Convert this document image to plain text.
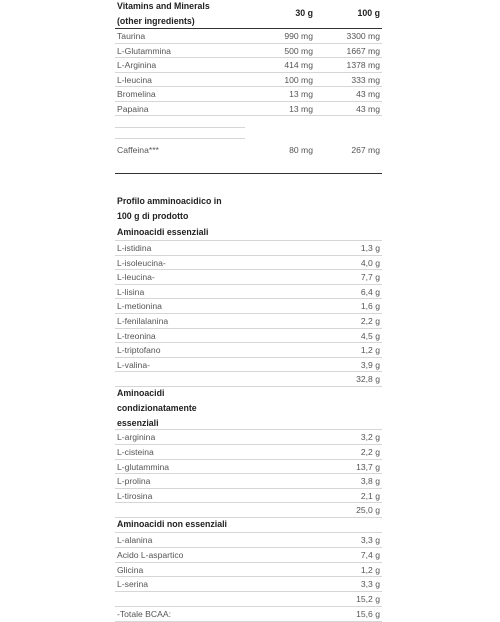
Vitamins and Minerals
(other ingredients)
30 g	100 g
Taurina	990 mg	3300 mg
L-Glutammina	500 mg	1667 mg
L-Arginina	414 mg	1378 mg
L-leucina	100 mg	333 mg
Bromelina	13 mg	43 mg
Papaina	13 mg	43 mg
Caffeina***	80 mg	267 mg
Profilo amminoacidico in
100 g di prodotto
Aminoacidi essenziali
L-istidina	1,3 g
L-isoleucina-	4,0 g
L-leucina-	7,7 g
L-lisina	6,4 g
L-metionina	1,6 g
L-fenilalanina	2,2 g
L-treonina	4,5 g
L-triptofano	1,2 g
L-valina-	3,9 g
32,8 g
Aminoacidi
condizionatamente
essenziali
L-arginina	3,2 g
L-cisteina	2,2 g
L-glutammina	13,7 g
L-prolina	3,8 g
L-tirosina	2,1 g
25,0 g
Aminoacidi non essenziali
L-alanina	3,3 g
Acido L-aspartico	7,4 g
Glicina	1,2 g
L-serina	3,3 g
15,2 g
-Totale BCAA:	15,6 g
